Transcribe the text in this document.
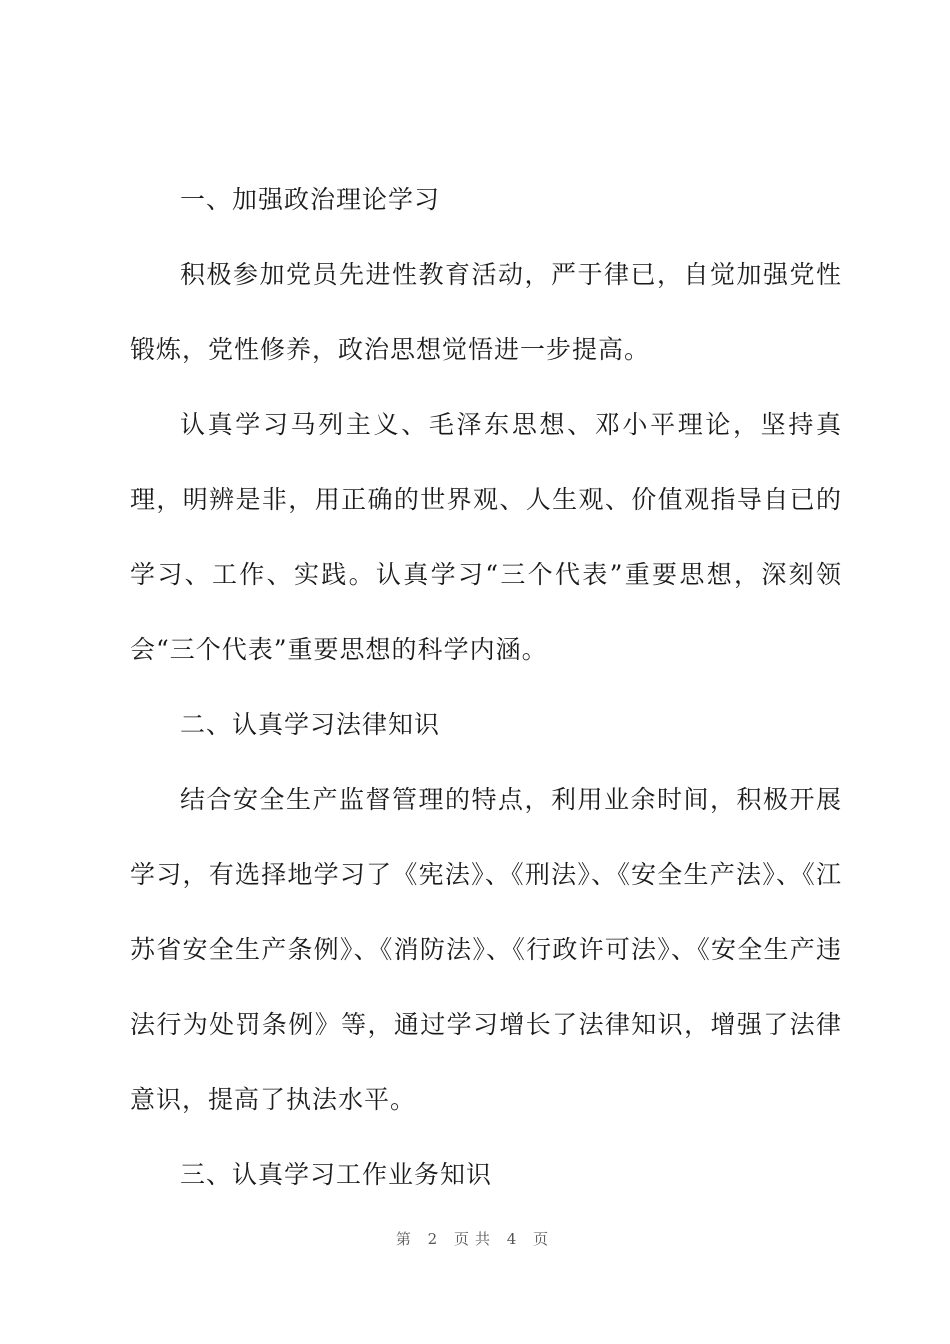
一、加强政治理论学习

积极参加党员先进性教育活动，严于律已，自觉加强党性锻炼，党性修养，政治思想觉悟进一步提高。

认真学习马列主义、毛泽东思想、邓小平理论，坚持真理，明辨是非，用正确的世界观、人生观、价值观指导自已的学习、工作、实践。认真学习“三个代表”重要思想，深刻领会“三个代表”重要思想的科学内涵。

二、认真学习法律知识

结合安全生产监督管理的特点，利用业余时间，积极开展学习，有选择地学习了《宪法》、《刑法》、《安全生产法》、《江苏省安全生产条例》、《消防法》、《行政许可法》、《安全生产违法行为处罚条例》等，通过学习增长了法律知识，增强了法律意识，提高了执法水平。

三、认真学习工作业务知识

第 2 页共 4 页
